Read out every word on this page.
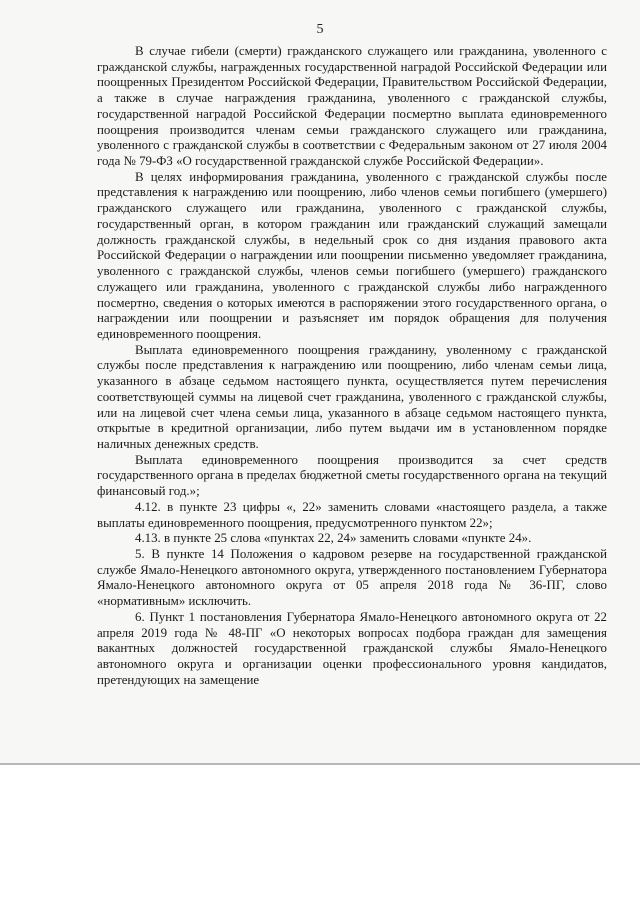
5

В случае гибели (смерти) гражданского служащего или гражданина, уволенного с гражданской службы, награжденных государственной наградой Российской Федерации или поощренных Президентом Российской Федерации, Правительством Российской Федерации, а также в случае награждения гражданина, уволенного с гражданской службы, государственной наградой Российской Федерации посмертно выплата единовременного поощрения производится членам семьи гражданского служащего или гражданина, уволенного с гражданской службы в соответствии с Федеральным законом от 27 июля 2004 года № 79-ФЗ «О государственной гражданской службе Российской Федерации».

В целях информирования гражданина, уволенного с гражданской службы после представления к награждению или поощрению, либо членов семьи погибшего (умершего) гражданского служащего или гражданина, уволенного с гражданской службы, государственный орган, в котором гражданин или гражданский служащий замещали должность гражданской службы, в недельный срок со дня издания правового акта Российской Федерации о награждении или поощрении письменно уведомляет гражданина, уволенного с гражданской службы, членов семьи погибшего (умершего) гражданского служащего или гражданина, уволенного с гражданской службы либо награжденного посмертно, сведения о которых имеются в распоряжении этого государственного органа, о награждении или поощрении и разъясняет им порядок обращения для получения единовременного поощрения.

Выплата единовременного поощрения гражданину, уволенному с гражданской службы после представления к награждению или поощрению, либо членам семьи лица, указанного в абзаце седьмом настоящего пункта, осуществляется путем перечисления соответствующей суммы на лицевой счет гражданина, уволенного с гражданской службы, или на лицевой счет члена семьи лица, указанного в абзаце седьмом настоящего пункта, открытые в кредитной организации, либо путем выдачи им в установленном порядке наличных денежных средств.

Выплата единовременного поощрения производится за счет средств государственного органа в пределах бюджетной сметы государственного органа на текущий финансовый год.»;

4.12. в пункте 23 цифры «, 22» заменить словами «настоящего раздела, а также выплаты единовременного поощрения, предусмотренного пунктом 22»;

4.13. в пункте 25 слова «пунктах 22, 24» заменить словами «пункте 24».

5. В пункте 14 Положения о кадровом резерве на государственной гражданской службе Ямало-Ненецкого автономного округа, утвержденного постановлением Губернатора Ямало-Ненецкого автономного округа от 05 апреля 2018 года № 36-ПГ, слово «нормативным» исключить.

6. Пункт 1 постановления Губернатора Ямало-Ненецкого автономного округа от 22 апреля 2019 года № 48-ПГ «О некоторых вопросах подбора граждан для замещения вакантных должностей государственной гражданской службы Ямало-Ненецкого автономного округа и организации оценки профессионального уровня кандидатов, претендующих на замещение
